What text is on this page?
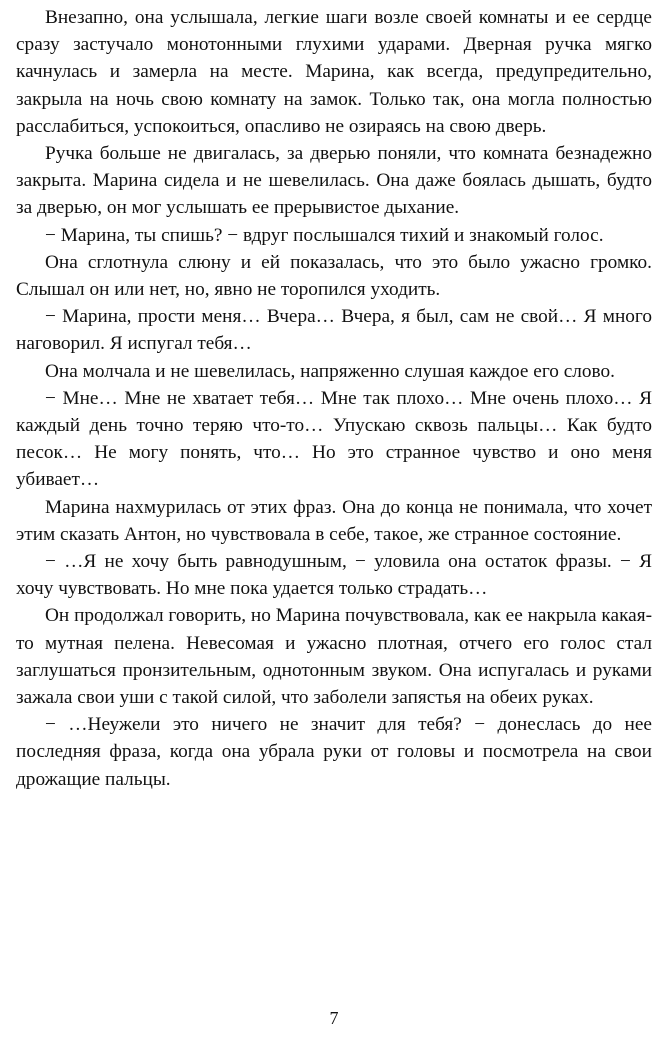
Внезапно, она услышала, легкие шаги возле своей комнаты и ее сердце сразу застучало монотонными глухими ударами. Дверная ручка мягко качнулась и замерла на месте. Марина, как всегда, предупредительно, закрыла на ночь свою комнату на замок. Только так, она могла полностью расслабиться, успокоиться, опасливо не озираясь на свою дверь.

Ручка больше не двигалась, за дверью поняли, что комната безнадежно закрыта. Марина сидела и не шевелилась. Она даже боялась дышать, будто за дверью, он мог услышать ее прерывистое дыхание.

− Марина, ты спишь? − вдруг послышался тихий и знакомый голос.

Она сглотнула слюну и ей показалась, что это было ужасно громко. Слышал он или нет, но, явно не торопился уходить.

− Марина, прости меня… Вчера… Вчера, я был, сам не свой… Я много наговорил. Я испугал тебя…

Она молчала и не шевелилась, напряженно слушая каждое его слово.

− Мне… Мне не хватает тебя… Мне так плохо… Мне очень плохо… Я каждый день точно теряю что-то… Упускаю сквозь пальцы… Как будто песок… Не могу понять, что… Но это странное чувство и оно меня убивает…

Марина нахмурилась от этих фраз. Она до конца не понимала, что хочет этим сказать Антон, но чувствовала в себе, такое, же странное состояние.

− …Я не хочу быть равнодушным, − уловила она остаток фразы. − Я хочу чувствовать. Но мне пока удается только страдать…

Он продолжал говорить, но Марина почувствовала, как ее накрыла какая-то мутная пелена. Невесомая и ужасно плотная, отчего его голос стал заглушаться пронзительным, однотонным звуком. Она испугалась и руками зажала свои уши с такой силой, что заболели запястья на обеих руках.

− …Неужели это ничего не значит для тебя? − донеслась до нее последняя фраза, когда она убрала руки от головы и посмотрела на свои дрожащие пальцы.

7
